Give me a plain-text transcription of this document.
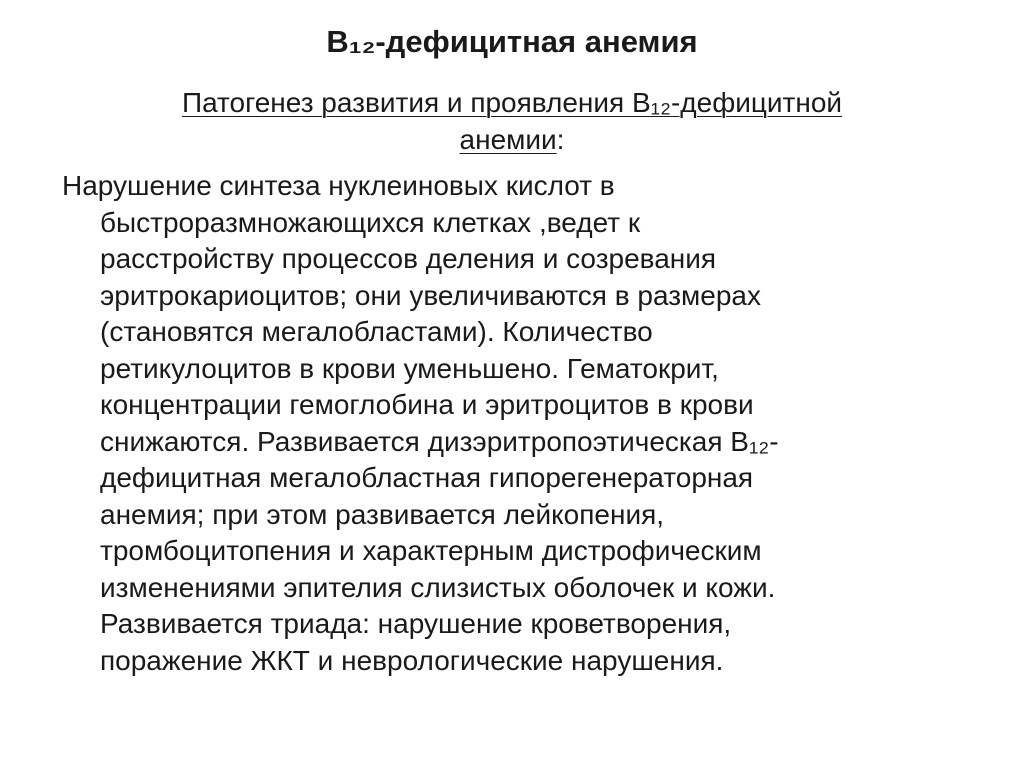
B₁₂-дефицитная анемия
Патогенез развития и проявления B₁₂-дефицитной
анемии:
Нарушение синтеза нуклеиновых кислот в
быстроразмножающихся клетках ,ведет к
расстройству процессов деления и созревания
эритрокариоцитов; они увеличиваются в размерах
(становятся мегалобластами). Количество
ретикулоцитов в крови уменьшено. Гематокрит,
концентрации гемоглобина и эритроцитов в крови
снижаются. Развивается дизэритропоэтическая B₁₂-
дефицитная мегалобластная гипорегенераторная
анемия; при этом развивается лейкопения,
тромбоцитопения и характерным дистрофическим
изменениями эпителия слизистых оболочек и кожи.
Развивается триада: нарушение кроветворения,
поражение ЖКТ и неврологические нарушения.
